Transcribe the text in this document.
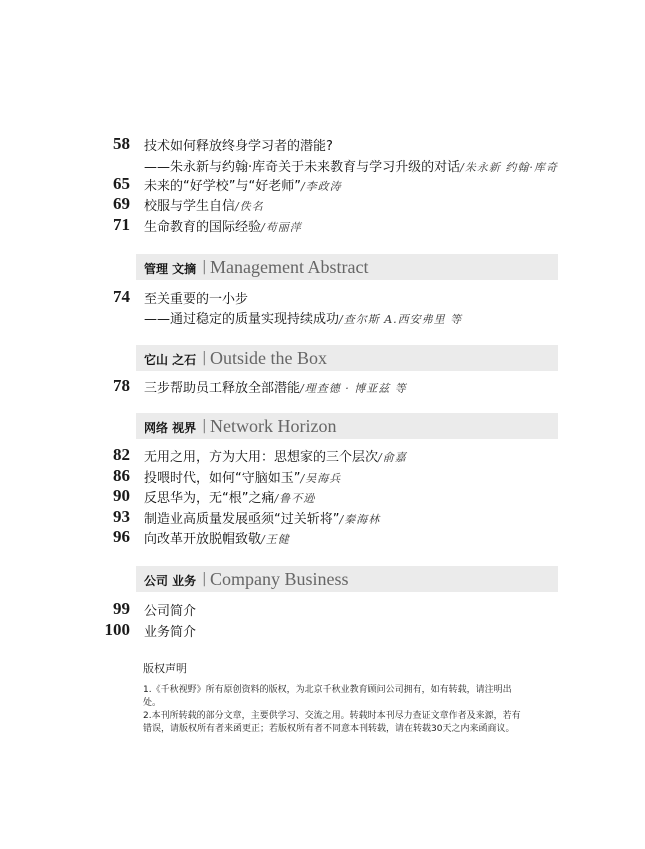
58 技术如何释放终身学习者的潜能?
——朱永新与约翰·库奇关于未来教育与学习升级的对话/朱永新 约翰·库奇
65 未来的“好学校”与“好老师”/李政涛
69 校服与学生自信/佚名
71 生命教育的国际经验/苟丽萍
管理 文摘 | Management Abstract
74 至关重要的一小步
——通过稳定的质量实现持续成功/查尔斯 A.西安弗里 等
它山 之石 | Outside the Box
78 三步帮助员工释放全部潜能/理查德 · 博亚兹 等
网络 视界 | Network Horizon
82 无用之用，方为大用：思想家的三个层次/俞嘉
86 投喂时代，如何“守脑如玉”/吴海兵
90 反思华为，无“根”之痛/鲁不逊
93 制造业高质量发展亟须“过关斩将”/秦海林
96 向改革开放脱帽致敬/王健
公司 业务 | Company Business
99 公司简介
100 业务简介
版权声明

1.《千秋视野》所有原创资料的版权，为北京千秋业教育顾问公司拥有，如有转载，请注明出处。

2.本刊所转载的部分文章，主要供学习、交流之用。转载时本刊尽力查证文章作者及来源，若有错误，请版权所有者来函更正；若版权所有者不同意本刊转载，请在转载30天之内来函商议。
